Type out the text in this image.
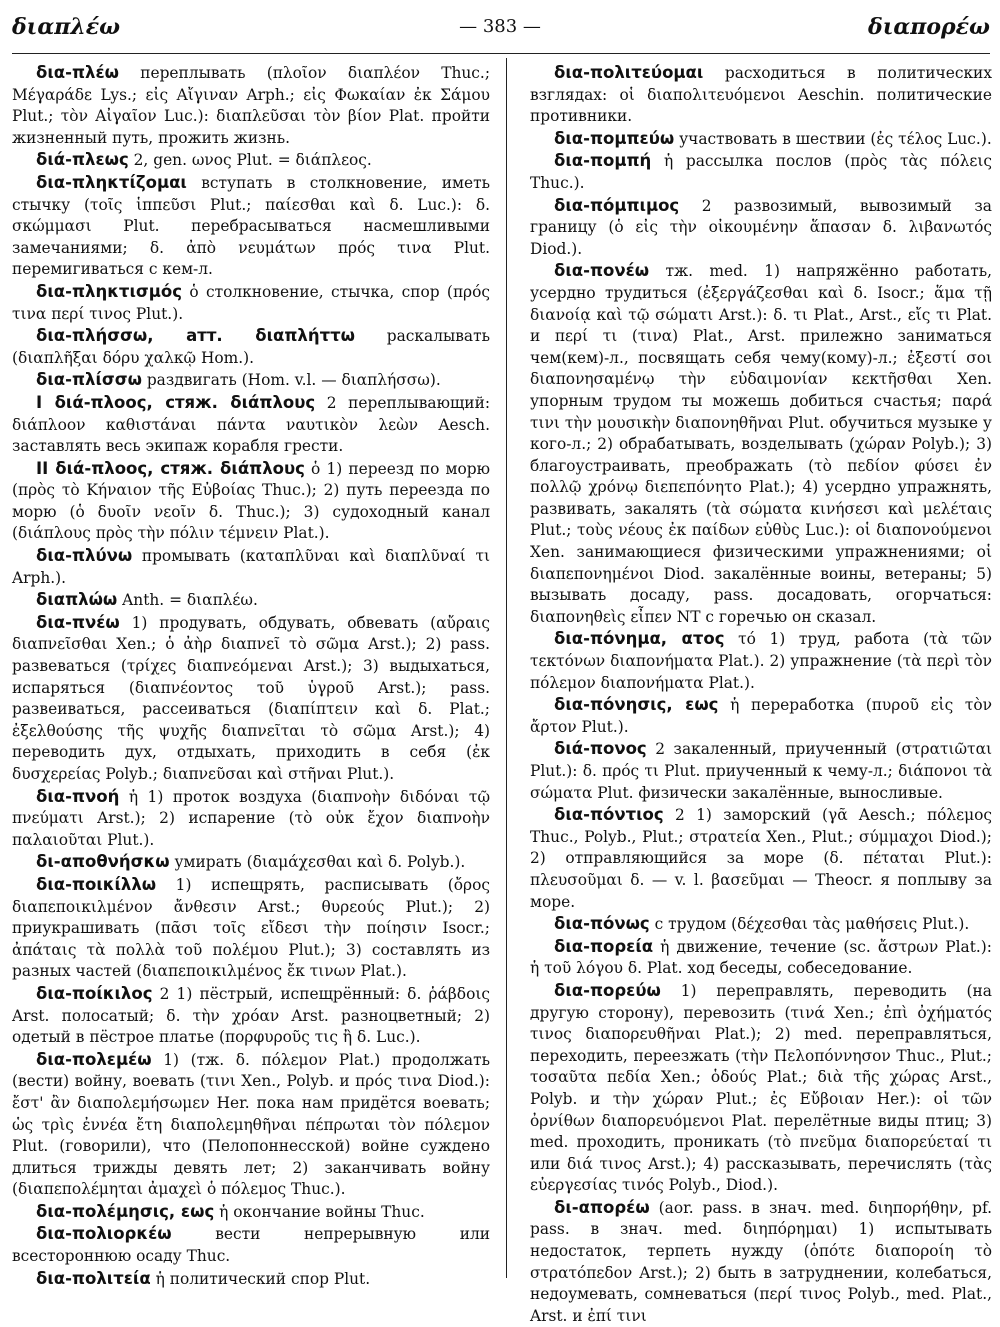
διαπλέω	— 383 —	διαπορέω

δια-πλέω переплывать (πλοῖον διαπλέον Thuc.; Μέγαράδε Lys.; εἰς Αἴγιναν Arph.; εἰς Φωκαίαν ἐκ Σάμου Plut.; τὸν Αἰγαῖον Luc.): διαπλεῦσαι τὸν βίον Plat. пройти жизненный путь, прожить жизнь.

διά-πλεως 2, gen. ωνος Plut. = διάπλεος.

δια-πληκτίζομαι вступать в столкновение, иметь стычку (τοῖς ἱππεῦσι Plut.; παίεσθαι καὶ δ. Luc.): δ. σκώμμασι Plut. перебрасываться насмешливыми замечаниями; δ. ἀπὸ νευμάτων πρός τινα Plut. перемигиваться с кем-л.

δια-πληκτισμός ὁ столкновение, стычка, спор (πρός τινα περί τινος Plut.).

δια-πλήσσω, атт. διαπλήττω раскалывать (διαπλῆξαι δόρυ χαλκῷ Hom.).

δια-πλίσσω раздвигать (Hom. v.l. — διαπλήσσω).

I διά-πλοος, стяж. διάπλους 2 переплывающий: διάπλοον καθιστάναι πάντα ναυτικὸν λεὼν Aesch. заставлять весь экипаж корабля грести.

II διά-πλοος, стяж. διάπλους ὁ 1) переезд по морю (πρὸς τὸ Κήναιον τῆς Εὐβοίας Thuc.); 2) путь переезда по морю (ὁ δυοῖν νεοῖν δ. Thuc.); 3) судоходный канал (διάπλους πρὸς τὴν πόλιν τέμνειν Plat.).

δια-πλύνω промывать (καταπλῦναι καὶ διαπλῦναί τι Arph.).

διαπλώω Anth. = διαπλέω.

δια-πνέω 1) продувать, обдувать, обвевать (αὔραις διαπνεῖσθαι Xen.; ὁ ἀὴρ διαπνεῖ τὸ σῶμα Arst.); 2) pass. развеваться (τρίχες διαπνεόμεναι Arst.); 3) выдыхаться, испаряться (διαπνέοντος τοῦ ὑγροῦ Arst.); pass. развеиваться, рассеиваться (διαπίπτειν καὶ δ. Plat.; ἐξελθούσης τῆς ψυχῆς διαπνεῖται τὸ σῶμα Arst.); 4) переводить дух, отдыхать, приходить в себя (ἐκ δυσχερείας Polyb.; διαπνεῦσαι καὶ στῆναι Plut.).

δια-πνοή ἡ 1) проток воздуха (διαπνοὴν διδόναι τῷ πνεύματι Arst.); 2) испарение (τὸ οὐκ ἔχον διαπνοὴν παλαιοῦται Plut.).

δι-αποθνήσκω умирать (διαμάχεσθαι καὶ δ. Polyb.).

δια-ποικίλλω 1) испещрять, расписывать (ὄρος διαπεποικιλμένον ἄνθεσιν Arst.; θυρεούς Plut.); 2) приукрашивать (πᾶσι τοῖς εἴδεσι τὴν ποίησιν Isocr.; ἀπάταις τὰ πολλὰ τοῦ πολέμου Plut.); 3) составлять из разных частей (διαπεποικιλμένος ἔκ τινων Plat.).

δια-ποίκιλος 2 1) пёстрый, испещрённый: δ. ῥάβδοις Arst. полосатый; δ. τὴν χρόαν Arst. разноцветный; 2) одетый в пёстрое платье (πορφυροῦς τις ἢ δ. Luc.).

δια-πολεμέω 1) (тж. δ. πόλεμον Plat.) продолжать (вести) войну, воевать (τινι Xen., Polyb. и πρός τινα Diod.): ἔστ' ἂν διαπολεμήσωμεν Her. пока нам придётся воевать; ὡς τρὶς ἐννέα ἔτη διαπολεμηθῆναι πέπρωται τὸν πόλεμον Plut. (говорили), что (Пелопоннесской) войне суждено длиться трижды девять лет; 2) заканчивать войну (διαπεπολέμηται ἀμαχεὶ ὁ πόλεμος Thuc.).

δια-πολέμησις, εως ἡ окончание войны Thuc.

δια-πολιορκέω вести непрерывную или всестороннюю осаду Thuc.

δια-πολιτεία ἡ политический спор Plut.

δια-πολιτεύομαι расходиться в политических взглядах: οἱ διαπολιτευόμενοι Aeschin. политические противники.

δια-πομπεύω участвовать в шествии (ἐς τέλος Luc.).

δια-πομπή ἡ рассылка послов (πρὸς τὰς πόλεις Thuc.).

δια-πόμπιμος 2 развозимый, вывозимый за границу (ὁ εἰς τὴν οἰκουμένην ἅπασαν δ. λιβανωτός Diod.).

δια-πονέω тж. med. 1) напряжённо работать, усердно трудиться (ἐξεργάζεσθαι καὶ δ. Isocr.; ἅμα τῇ διανοίᾳ καὶ τῷ σώματι Arst.): δ. τι Plat., Arst., εἴς τι Plat. и περί τι (τινα) Plat., Arst. прилежно заниматься чем(кем)-л., посвящать себя чему(кому)-л.; ἐξεστί σοι διαπονησαμένῳ τὴν εὐδαιμονίαν κεκτῆσθαι Xen. упорным трудом ты можешь добиться счастья; παρά τινι τὴν μουσικὴν διαπονηθῆναι Plut. обучиться музыке у кого-л.; 2) обрабатывать, возделывать (χώραν Polyb.); 3) благоустраивать, преображать (τὸ πεδίον φύσει ἐν πολλῷ χρόνῳ διεπεπόνητο Plat.); 4) усердно упражнять, развивать, закалять (τὰ σώματα κινήσεσι καὶ μελέταις Plut.; τοὺς νέους ἐκ παίδων εὐθὺς Luc.): οἱ διαπονούμενοι Xen. занимающиеся физическими упражнениями; οἱ διαπεπονημένοι Diod. закалённые воины, ветераны; 5) вызывать досаду, pass. досадовать, огорчаться: διαπονηθεὶς εἶπεν NT с горечью он сказал.

δια-πόνημα, ατος τό 1) труд, работа (τὰ τῶν τεκτόνων διαπονήματα Plat.). 2) упражнение (τὰ περὶ τὸν πόλεμον διαπονήματα Plat.).

δια-πόνησις, εως ἡ переработка (πυροῦ εἰς τὸν ἄρτον Plut.).

διά-πονος 2 закаленный, приученный (στρατιῶται Plut.): δ. πρός τι Plut. приученный к чему-л.; διάπονοι τὰ σώματα Plut. физически закалённые, выносливые.

δια-πόντιος 2 1) заморский (γᾶ Aesch.; πόλεμος Thuc., Polyb., Plut.; στρατεία Xen., Plut.; σύμμαχοι Diod.); 2) отправляющийся за море (δ. πέταται Plut.): πλευσοῦμαι δ. — v. l. βασεῦμαι — Theocr. я поплыву за море.

δια-πόνως с трудом (δέχεσθαι τὰς μαθήσεις Plut.).

δια-πορεία ἡ движение, течение (sc. ἄστρων Plat.): ἡ τοῦ λόγου δ. Plat. ход беседы, собеседование.

δια-πορεύω 1) переправлять, переводить (на другую сторону), перевозить (τινά Xen.; ἐπὶ ὀχήματός τινος διαπορευθῆναι Plat.); 2) med. переправляться, переходить, переезжать (τὴν Πελοπόννησον Thuc., Plut.; τοσαῦτα πεδία Xen.; ὁδούς Plat.; διὰ τῆς χώρας Arst., Polyb. и τὴν χώραν Plut.; ἐς Εὔβοιαν Her.): οἱ τῶν ὀρνίθων διαπορευόμενοι Plat. перелётные виды птиц; 3) med. проходить, проникать (τὸ πνεῦμα διαπορεύεταί τι или διά τινος Arst.); 4) рассказывать, перечислять (τὰς εὐεργεσίας τινός Polyb., Diod.).

δι-απορέω (aor. pass. в знач. med. διηπορήθην, pf. pass. в знач. med. διηπόρημαι) 1) испытывать недостаток, терпеть нужду (ὁπότε διαποροίη τὸ στρατόπεδον Arst.); 2) быть в затруднении, колебаться, недоумевать, сомневаться (περί τινος Polyb., med. Plat., Arst. и ἐπί τινι
